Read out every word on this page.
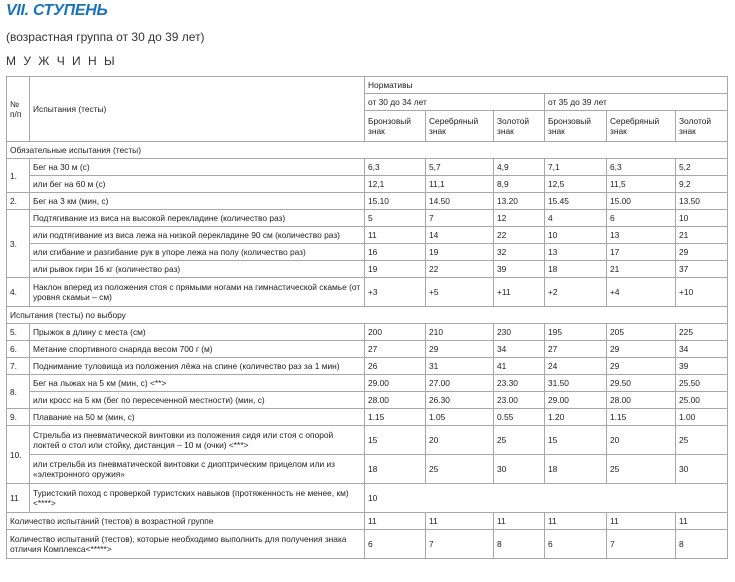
VII. СТУПЕНЬ
(возрастная группа от 30 до 39 лет)
М У Ж Ч И Н Ы
№ п/п	Испытания (тесты)	Нормативы					
		от 30 до 34 лет			от 35 до 39 лет		
		Бронзовый знак	Серебряный знак	Золотой знак	Бронзовый знак	Серебряный знак	Золотой знак
Обязательные испытания (тесты)							
1.	Бег на 30 м (с)	6,3	5,7	4,9	7,1	6,3	5,2
	или бег на 60 м (с)	12,1	11,1	8,9	12,5	11,5	9,2
2.	Бег на 3 км (мин, с)	15.10	14.50	13.20	15.45	15.00	13.50
3.	Подтягивание из виса на высокой перекладине (количество раз)	5	7	12	4	6	10
	или подтягивание из виса лежа на низкой перекладине 90 см (количество раз)	11	14	22	10	13	21
	или сгибание и разгибание рук в упоре лежа на полу (количество раз)	16	19	32	13	17	29
	или рывок гири 16 кг (количество раз)	19	22	39	18	21	37
4.	Наклон вперед из положения стоя с прямыми ногами на гимнастической скамье (от уровня скамьи – см)	+3	+5	+11	+2	+4	+10
Испытания (тесты) по выбору							
5.	Прыжок в длину с места (см)	200	210	230	195	205	225
6.	Метание спортивного снаряда весом 700 г (м)	27	29	34	27	29	34
7.	Поднимание туловища из положения лёжа на спине (количество раз за 1 мин)	26	31	41	24	29	39
8.	Бег на лыжах на 5 км (мин, с) <**>	29.00	27.00	23.30	31.50	29.50	25.50
	или кросс на 5 км (бег по пересеченной местности) (мин, с)	28.00	26.30	23.00	29.00	28.00	25.00
9.	Плавание на 50 м (мин, с)	1.15	1.05	0.55	1.20	1.15	1.00
10.	Стрельба из пневматической винтовки из положения сидя или стоя с опорой локтей о стол или стойку, дистанция – 10 м (очки) <***>	15	20	25	15	20	25
	или стрельба из пневматической винтовки с диоптрическим прицелом или из «электронного оружия»	18	25	30	18	25	30
11	Туристский поход с проверкой туристских навыков (протяженность не менее, км) <****>	10					
Количество испытаний (тестов) в возрастной группе		11	11	11	11	11	11
Количество испытаний (тестов), которые необходимо выполнить для получения знака отличия Комплекса<*****>		6	7	8	6	7	8
